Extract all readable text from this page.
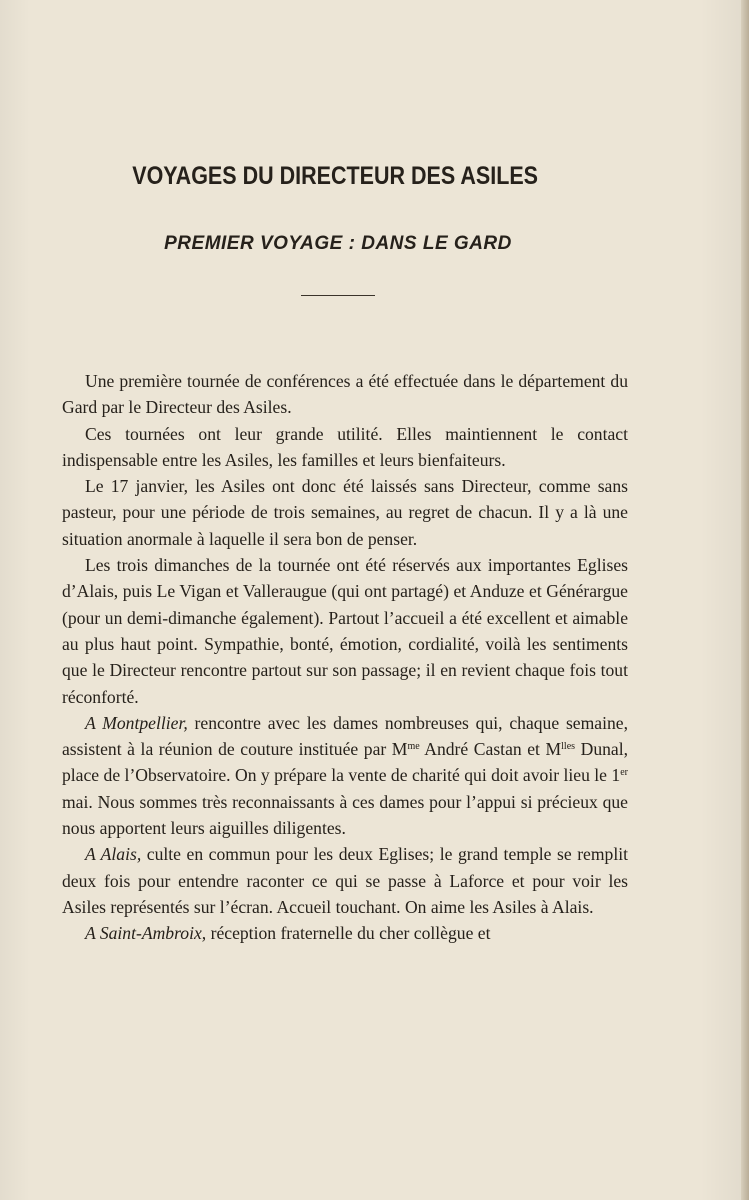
VOYAGES DU DIRECTEUR DES ASILES
PREMIER VOYAGE : DANS LE GARD

Une première tournée de conférences a été effectuée dans le département du Gard par le Directeur des Asiles.

Ces tournées ont leur grande utilité. Elles maintiennent le contact indispensable entre les Asiles, les familles et leurs bienfaiteurs.

Le 17 janvier, les Asiles ont donc été laissés sans Directeur, comme sans pasteur, pour une période de trois semaines, au regret de chacun. Il y a là une situation anormale à laquelle il sera bon de penser.

Les trois dimanches de la tournée ont été réservés aux importantes Eglises d’Alais, puis Le Vigan et Valleraugue (qui ont partagé) et Anduze et Générargue (pour un demi-dimanche également). Partout l’accueil a été excellent et aimable au plus haut point. Sympathie, bonté, émotion, cordialité, voilà les sentiments que le Directeur rencontre partout sur son passage; il en revient chaque fois tout réconforté.

A Montpellier, rencontre avec les dames nombreuses qui, chaque semaine, assistent à la réunion de couture instituée par $M^{me}$ André Castan et $M^{lles}$ Dunal, place de l’Observatoire. On y prépare la vente de charité qui doit avoir lieu le 1er mai. Nous sommes très reconnaissants à ces dames pour l’appui si précieux que nous apportent leurs aiguilles diligentes.

A Alais, culte en commun pour les deux Eglises; le grand temple se remplit deux fois pour entendre raconter ce qui se passe à Laforce et pour voir les Asiles représentés sur l’écran. Accueil touchant. On aime les Asiles à Alais.

A Saint-Ambroix, réception fraternelle du cher collègue et
